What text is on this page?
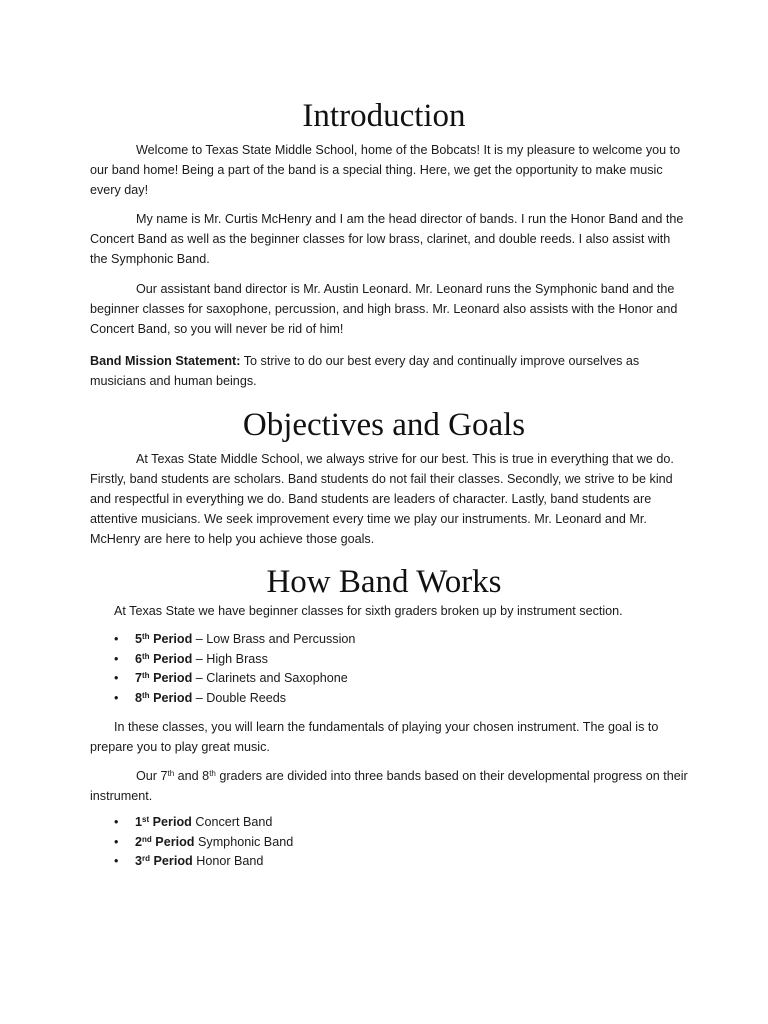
Introduction

Welcome to Texas State Middle School, home of the Bobcats! It is my pleasure to welcome you to our band home! Being a part of the band is a special thing. Here, we get the opportunity to make music every day!

My name is Mr. Curtis McHenry and I am the head director of bands. I run the Honor Band and the Concert Band as well as the beginner classes for low brass, clarinet, and double reeds. I also assist with the Symphonic Band.

Our assistant band director is Mr. Austin Leonard. Mr. Leonard runs the Symphonic band and the beginner classes for saxophone, percussion, and high brass. Mr. Leonard also assists with the Honor and Concert Band, so you will never be rid of him!

Band Mission Statement: To strive to do our best every day and continually improve ourselves as musicians and human beings.

Objectives and Goals

At Texas State Middle School, we always strive for our best. This is true in everything that we do. Firstly, band students are scholars. Band students do not fail their classes. Secondly, we strive to be kind and respectful in everything we do. Band students are leaders of character. Lastly, band students are attentive musicians. We seek improvement every time we play our instruments. Mr. Leonard and Mr. McHenry are here to help you achieve those goals.

How Band Works

At Texas State we have beginner classes for sixth graders broken up by instrument section.

• 5th Period – Low Brass and Percussion
• 6th Period – High Brass
• 7th Period – Clarinets and Saxophone
• 8th Period – Double Reeds

In these classes, you will learn the fundamentals of playing your chosen instrument. The goal is to prepare you to play great music.

Our 7th and 8th graders are divided into three bands based on their developmental progress on their instrument.

• 1st Period Concert Band
• 2nd Period Symphonic Band
• 3rd Period Honor Band
